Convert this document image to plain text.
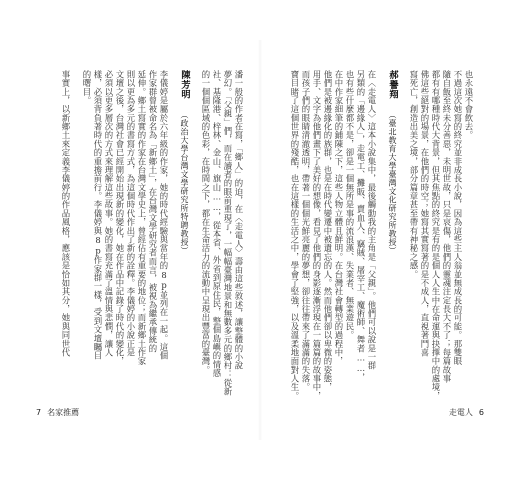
潘一般的作者在寫，「鄉人」的迫，在〈走電人〉壽由這些敘述，讓整體的小說
夢幻。「父親」們，而在讀者的眼前重現了，一幅幅臺灣地景和無數多元的鄉村：從新
社、基隆港、梓林、金山、旗山……，從本省、外省到原住民，整個島嶼的情感
的一個個區域的色彩，在時間之下，都在生命活力的流動中呈現出豐富的臺灣。
陳芳明 （政治大學台灣文學研究所特聘教授）
李儀婷是屬於六年級的作家，她的時代經驗與當年的8p並列在一起。這個
作家群曾被命名為「新鄉土」，在台灣文學研究者而言，被視為繼承傳統的
延伸。鄉土寫實的作家在台灣文學史上，曾經佔有重要的地位；而新鄉土作家
則以更為多元的書寫方式，為這個時代作出了新的詮釋。李儀婷的小說正是
文壇之後，台灣社會已經開始出現新的變化，她在作品中記錄了時代的變化，
必須以更多層次的方式來理解這些故事。她的書寫充滿了溫情與悲憫，讓人
樣，必須背負著時代的重擔前行。李儀婷與8p作家群一樣，受到文壇矚目
的曙目。
事實上，以新鄉土來定義李儀婷的作品風格，應該是恰如其分，她與同世代
7 名家推薦
也永遠不會飲去。
不過這次她寫的終究並非成長小說，因為這些主人翁並無成長的可能。那雙眼
隨自飯至終未分善惡，未明世故，只是哀傷，他們的靈魂注定長大不了；每篇故事
都有有哪種時代大背景，但其焦點的終究是有的是個人人生中在命運與抉擇中的處境，
佛這些絕對的場景，在他們的時空；她寫其實寫著的是不成人，直視著鬥喜
寫死亡，創造出美之境，部分篇章甚至帶有神秘之感。
郝譽翔 （臺北教育大學臺灣文化研究所教授）
在〈走電人〉這本小說集中，最後觸動我的主角是「父親」。他們可以說是一群
另類的「邊緣人」，走電工、攤販、賣血人、竊賊、屠宰工、魔術師、舞者……，
也有些什麼都不是，卻是一個無所是事的流浪漢、失業者、無業遊民。
在中作家細筆的鋪陳之下，這些人物立體且鮮明。在台灣社會轉型的過程中，
他們是被邊緣化的族群，也是在時代變遷中被遺忘的人。然而他們卻以卑微的姿態，
用手、文字為他們畫下了美好的想像，看見了他們的身影逐漸浮現在一篇篇的故事中，
而孩子們的眼睛清澈透明，帶著一個個光鮮亮麗的夢想，卻往往帶來了滿滿的失落。
寶目睹了這個世界的殘酷，也在這樣的生活之中，學會了堅強，以及溫柔地面對人生。
走電人 6
